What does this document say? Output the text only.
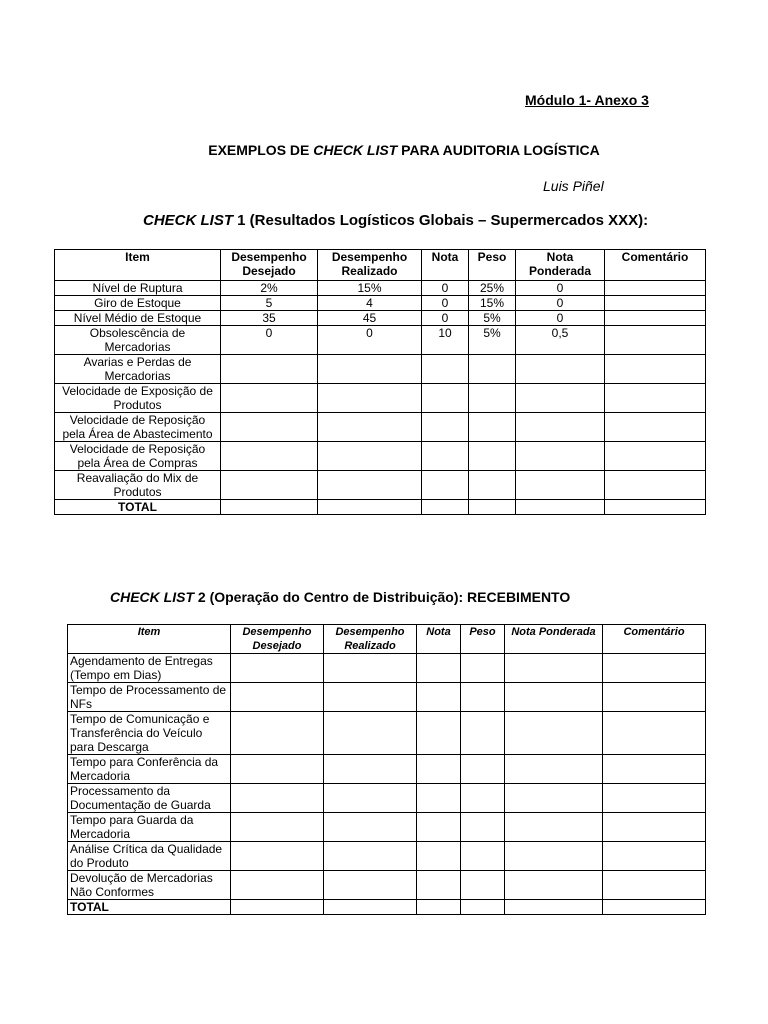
Módulo 1- Anexo 3
EXEMPLOS DE CHECK LIST PARA AUDITORIA LOGÍSTICA
Luis Piñel
CHECK LIST 1 (Resultados Logísticos Globais – Supermercados XXX):
Item	Desempenho Desejado	Desempenho Realizado	Nota	Peso	Nota Ponderada	Comentário
Nível de Ruptura	2%	15%	0	25%	0	
Giro de Estoque	5	4	0	15%	0	
Nível Médio de Estoque	35	45	0	5%	0	
Obsolescência de Mercadorias	0	0	10	5%	0,5	
Avarias e Perdas de Mercadorias						
Velocidade de Exposição de Produtos						
Velocidade de Reposição pela Área de Abastecimento						
Velocidade de Reposição pela Área de Compras						
Reavaliação do Mix de Produtos						
TOTAL						
CHECK LIST 2 (Operação do Centro de Distribuição): RECEBIMENTO
Item	Desempenho Desejado	Desempenho Realizado	Nota	Peso	Nota Ponderada	Comentário
Agendamento de Entregas (Tempo em Dias)						
Tempo de Processamento de NFs						
Tempo de Comunicação e Transferência do Veículo para Descarga						
Tempo para Conferência da Mercadoria						
Processamento da Documentação de Guarda						
Tempo para Guarda da Mercadoria						
Análise Crítica da Qualidade do Produto						
Devolução de Mercadorias Não Conformes						
TOTAL						
